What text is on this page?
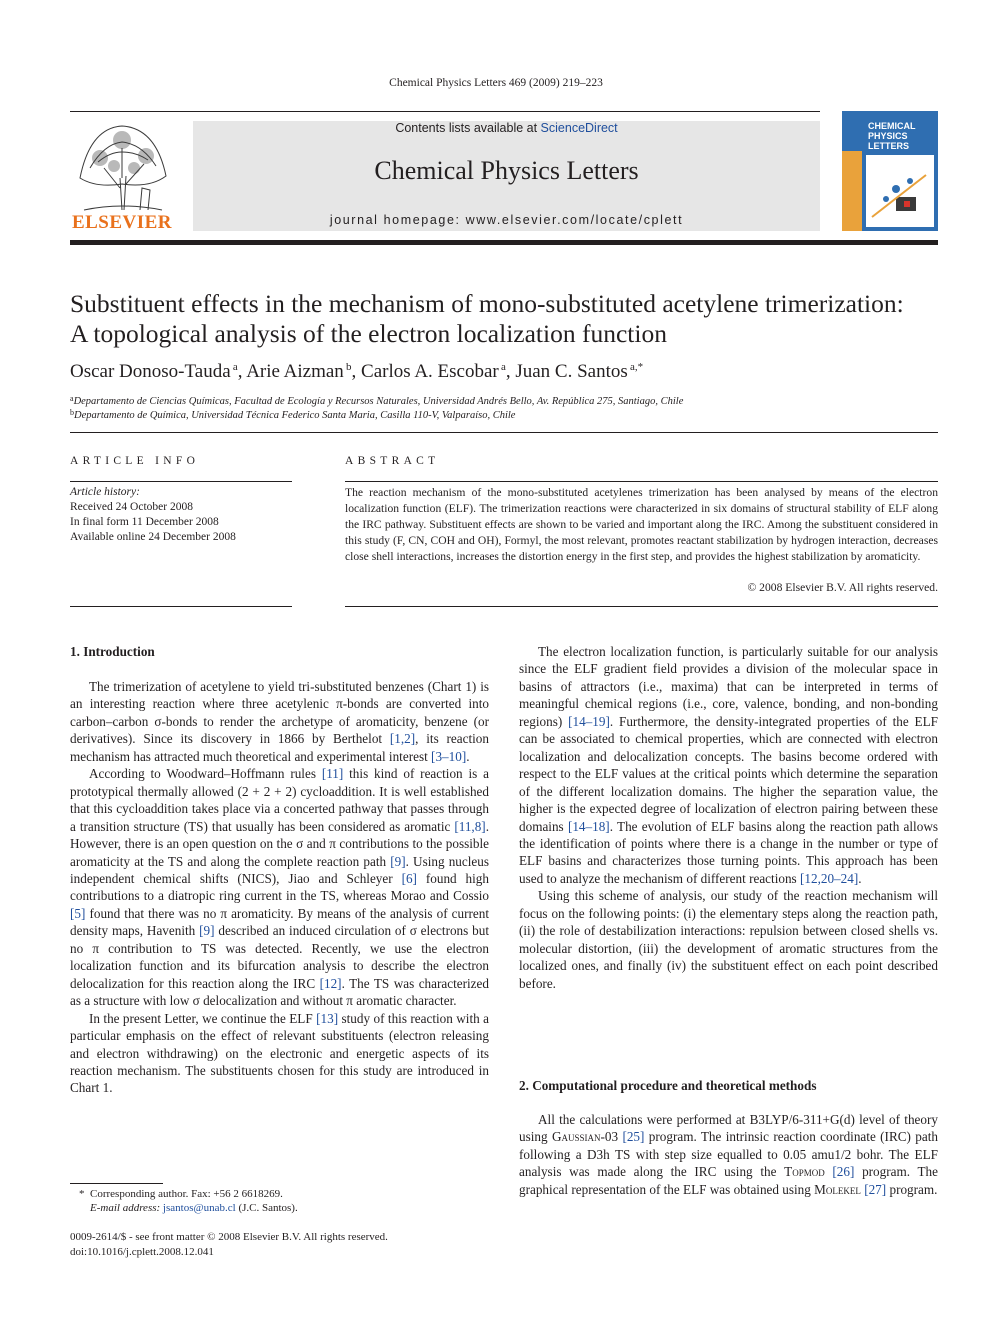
Chemical Physics Letters 469 (2009) 219–223
ELSEVIER
Contents lists available at ScienceDirect
Chemical Physics Letters
journal homepage: www.elsevier.com/locate/cplett
CHEMICAL PHYSICS LETTERS
Substituent effects in the mechanism of mono-substituted acetylene trimerization:
A topological analysis of the electron localization function
Oscar Donoso-Tauda  $^a$, Arie Aizman  $^b$, Carlos A. Escobar  $^a$, Juan C. Santos  $^{a,*}$
$^a$Departamento de Ciencias Químicas, Facultad de Ecología y Recursos Naturales, Universidad Andrés Bello, Av. República 275, Santiago, Chile
$^b$Departamento de Química, Universidad Técnica Federico Santa Maria, Casilla 110-V, Valparaíso, Chile
ARTICLE INFO	ABSTRACT
Article history:
Received 24 October 2008
In final form 11 December 2008
Available online 24 December 2008
The reaction mechanism of the mono-substituted acetylenes trimerization has been analysed by means of the electron localization function (ELF). The trimerization reactions were characterized in six domains of structural stability of ELF along the IRC pathway. Substituent effects are shown to be varied and important along the IRC. Among the substituent considered in this study (F, CN, COH and OH), Formyl, the most relevant, promotes reactant stabilization by hydrogen interaction, decreases close shell interactions, increases the distortion energy in the first step, and provides the highest stabilization by aromaticity.
© 2008 Elsevier B.V. All rights reserved.
1. Introduction

The trimerization of acetylene to yield tri-substituted benzenes (Chart 1) is an interesting reaction where three acetylenic π-bonds are converted into carbon–carbon σ-bonds to render the archetype of aromaticity, benzene (or derivatives). Since its discovery in 1866 by Berthelot [1,2], its reaction mechanism has attracted much theoretical and experimental interest [3–10].

According to Woodward–Hoffmann rules [11] this kind of reaction is a prototypical thermally allowed (2 + 2 + 2) cycloaddition. It is well established that this cycloaddition takes place via a concerted pathway that passes through a transition structure (TS) that usually has been considered as aromatic [11,8]. However, there is an open question on the σ and π contributions to the possible aromaticity at the TS and along the complete reaction path [9]. Using nucleus independent chemical shifts (NICS), Jiao and Schleyer [6] found high contributions to a diatropic ring current in the TS, whereas Morao and Cossio [5] found that there was no π aromaticity. By means of the analysis of current density maps, Havenith [9] described an induced circulation of σ electrons but no π contribution to TS was detected. Recently, we use the electron localization function and its bifurcation analysis to describe the electron delocalization for this reaction along the IRC [12]. The TS was characterized as a structure with low σ delocalization and without π aromatic character.

In the present Letter, we continue the ELF [13] study of this reaction with a particular emphasis on the effect of relevant substituents (electron releasing and electron withdrawing) on the electronic and energetic aspects of its reaction mechanism. The substituents chosen for this study are introduced in Chart 1.

The electron localization function, is particularly suitable for our analysis since the ELF gradient field provides a division of the molecular space in basins of attractors (i.e., maxima) that can be interpreted in terms of meaningful chemical regions (i.e., core, valence, bonding, and non-bonding regions) [14–19]. Furthermore, the density-integrated properties of the ELF can be associated to chemical properties, which are connected with electron localization and delocalization concepts. The basins become ordered with respect to the ELF values at the critical points which determine the separation of the different localization domains. The higher the separation value, the higher is the expected degree of localization of electron pairing between these domains [14–18]. The evolution of ELF basins along the reaction path allows the identification of points where there is a change in the number or type of ELF basins and characterizes those turning points. This approach has been used to analyze the mechanism of different reactions [12,20–24].

Using this scheme of analysis, our study of the reaction mechanism will focus on the following points: (i) the elementary steps along the reaction path, (ii) the role of destabilization interactions: repulsion between closed shells vs. molecular distortion, (iii) the development of aromatic structures from the localized ones, and finally (iv) the substituent effect on each point described before.

2. Computational procedure and theoretical methods

All the calculations were performed at B3LYP/6-311+G(d) level of theory using Gaussian-03 [25] program. The intrinsic reaction coordinate (IRC) path following a D3h TS with step size equalled to 0.05 amu1/2 bohr. The ELF analysis was made along the IRC using the Topmod [26] program. The graphical representation of the ELF was obtained using Molekel [27] program.

*  Corresponding author. Fax: +56 2 6618269.
E-mail address: jsantos@unab.cl (J.C. Santos).
0009-2614/$ - see front matter © 2008 Elsevier B.V. All rights reserved.
doi:10.1016/j.cplett.2008.12.041
